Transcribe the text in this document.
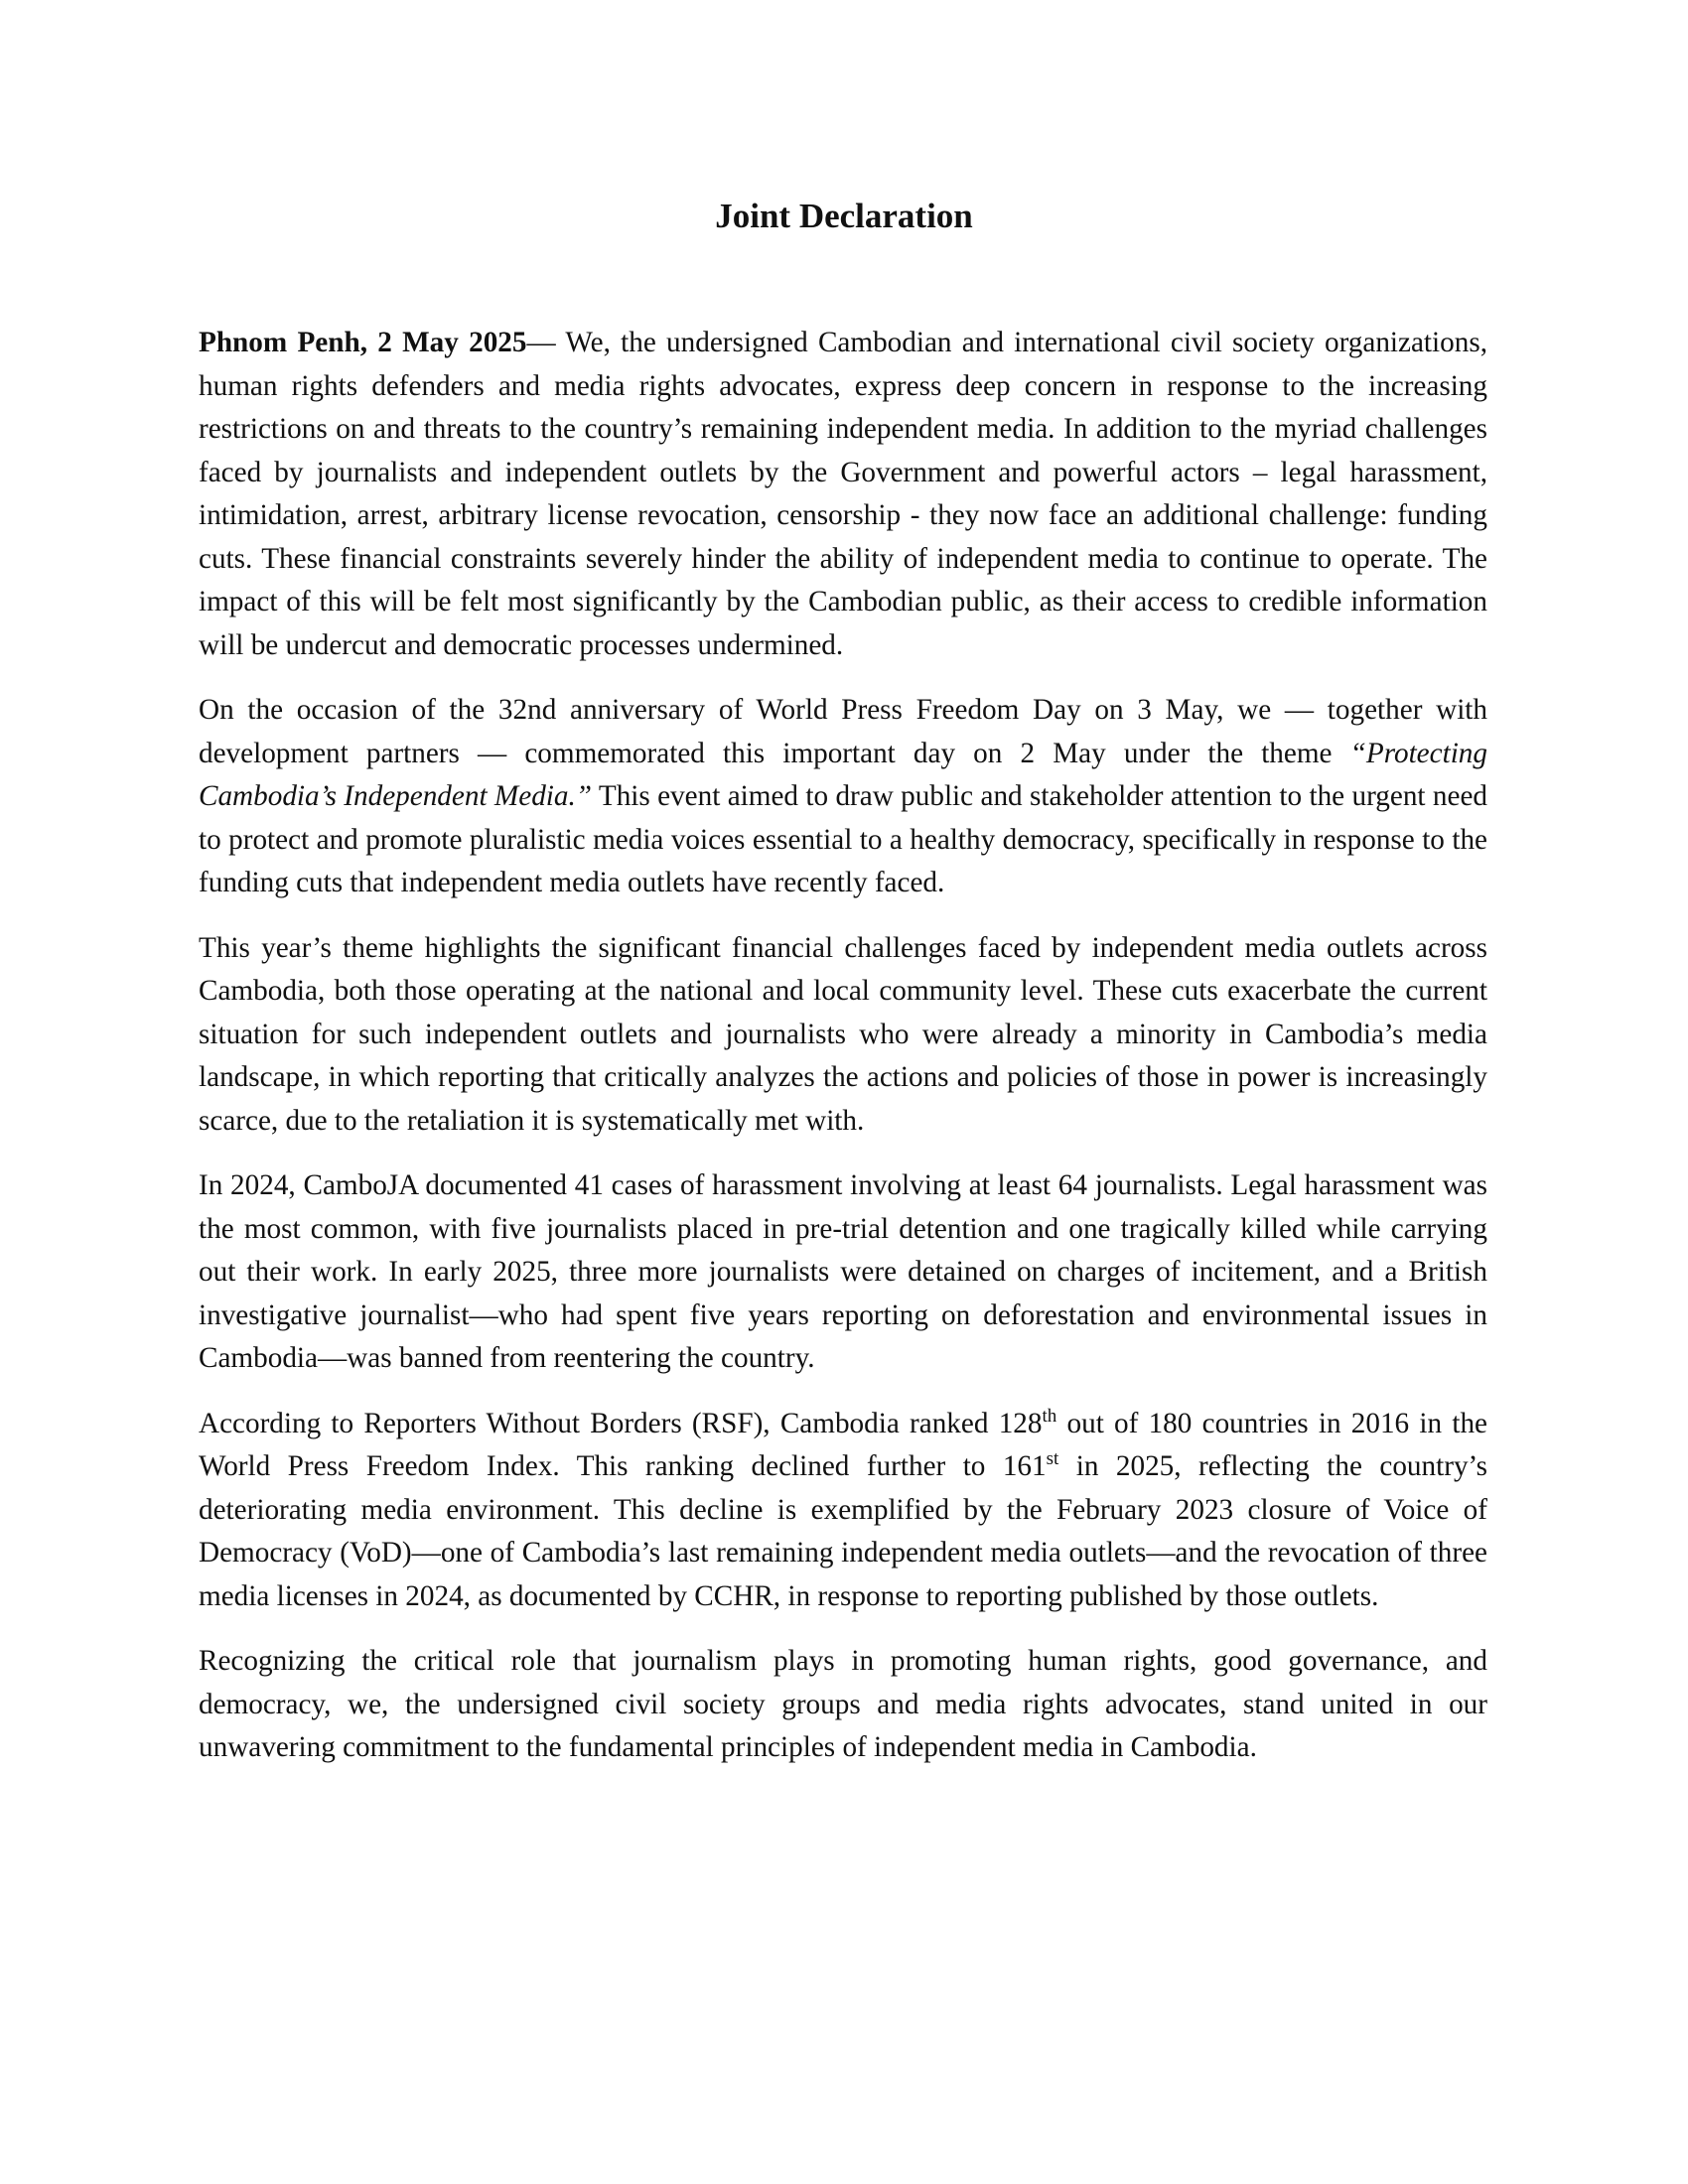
Joint Declaration

Phnom Penh, 2 May 2025— We, the undersigned Cambodian and international civil society organizations, human rights defenders and media rights advocates, express deep concern in response to the increasing restrictions on and threats to the country’s remaining independent media. In addition to the myriad challenges faced by journalists and independent outlets by the Government and powerful actors – legal harassment, intimidation, arrest, arbitrary license revocation, censorship - they now face an additional challenge: funding cuts. These financial constraints severely hinder the ability of independent media to continue to operate. The impact of this will be felt most significantly by the Cambodian public, as their access to credible information will be undercut and democratic processes undermined.

On the occasion of the 32nd anniversary of World Press Freedom Day on 3 May, we — together with development partners — commemorated this important day on 2 May under the theme “Protecting Cambodia’s Independent Media.” This event aimed to draw public and stakeholder attention to the urgent need to protect and promote pluralistic media voices essential to a healthy democracy, specifically in response to the funding cuts that independent media outlets have recently faced.

This year’s theme highlights the significant financial challenges faced by independent media outlets across Cambodia, both those operating at the national and local community level. These cuts exacerbate the current situation for such independent outlets and journalists who were already a minority in Cambodia’s media landscape, in which reporting that critically analyzes the actions and policies of those in power is increasingly scarce, due to the retaliation it is systematically met with.

In 2024, CamboJA documented 41 cases of harassment involving at least 64 journalists. Legal harassment was the most common, with five journalists placed in pre-trial detention and one tragically killed while carrying out their work. In early 2025, three more journalists were detained on charges of incitement, and a British investigative journalist—who had spent five years reporting on deforestation and environmental issues in Cambodia—was banned from reentering the country.

According to Reporters Without Borders (RSF), Cambodia ranked 128th out of 180 countries in 2016 in the World Press Freedom Index. This ranking declined further to 161st in 2025, reflecting the country’s deteriorating media environment. This decline is exemplified by the February 2023 closure of Voice of Democracy (VoD)—one of Cambodia’s last remaining independent media outlets—and the revocation of three media licenses in 2024, as documented by CCHR, in response to reporting published by those outlets.

Recognizing the critical role that journalism plays in promoting human rights, good governance, and democracy, we, the undersigned civil society groups and media rights advocates, stand united in our unwavering commitment to the fundamental principles of independent media in Cambodia.
